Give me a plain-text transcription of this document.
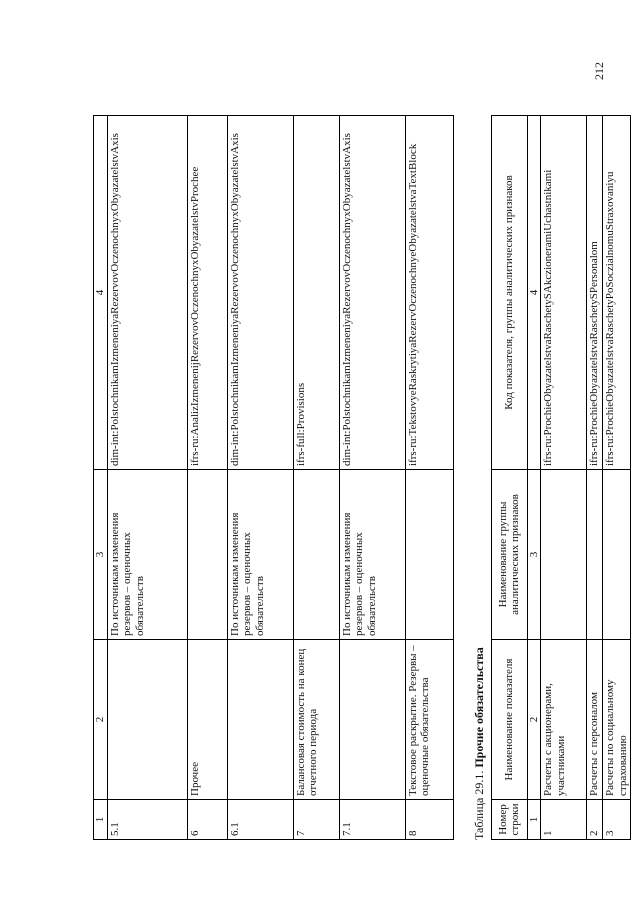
212
1	2	3	4
5.1		По источникам изменения резервов – оценочных обязательств	dim-int:PolstochnikamIzmeneniyaRezervovOczenochnyxObyazatelstvAxis
6	Прочее		ifrs-ru:AnalizIzmenenijRezervovOczenochnyxObyazatelstvProchee
6.1		По источникам изменения резервов – оценочных обязательств	dim-int:PolstochnikamIzmeneniyaRezervovOczenochnyxObyazatelstvAxis
7	Балансовая стоимость на конец отчетного периода		ifrs-full:Provisions
7.1		По источникам изменения резервов – оценочных обязательств	dim-int:PolstochnikamIzmeneniyaRezervovOczenochnyxObyazatelstvAxis
8	Текстовое раскрытие. Резервы – оценочные обязательства		ifrs-ru:TekstovyeRaskrytiyaRezervOczenochnyeObyazatelstvaTextBlock
Таблица 29.1. Прочие обязательства
Номер строки	Наименование показателя	Наименование группы аналитических признаков	Код показателя, группы аналитических признаков
1	2	3	4
1	Расчеты с акционерами, участниками		ifrs-ru:ProchieObyazatelstvaRaschetySAkczioneramiUchastnikami
2	Расчеты с персоналом		ifrs-ru:ProchieObyazatelstvaRaschetySPersonalom
3	Расчеты по социальному страхованию		ifrs-ru:ProchieObyazatelstvaRaschetyPoSoczialnomuStraxovaniyu
